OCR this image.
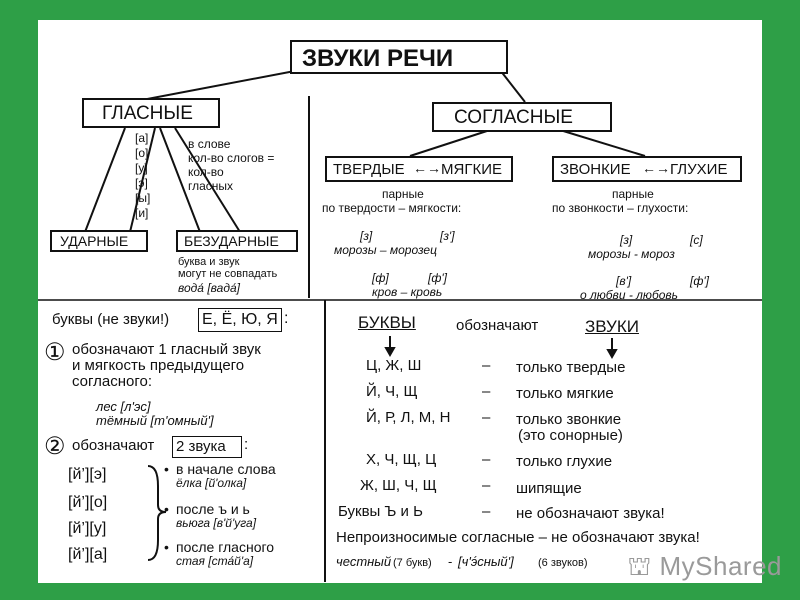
ЗВУКИ РЕЧИ
ГЛАСНЫЕ
[а]
[о]
[у]
[э]
[ы]
[и]
в слове
кол-во слогов =
кол-во
гласных
УДАРНЫЕ	БЕЗУДАРНЫЕ
буква и звук
могут не совпадать
вода́ [вада́]
СОГЛАСНЫЕ
ТВЕРДЫЕ ←→ МЯГКИЕ	ЗВОНКИЕ ←→ ГЛУХИЕ
парные
по твердости – мягкости:
парные
по звонкости – глухости:
[з]	[з']
морозы – морозец
[ф]	[ф']
кров – кровь
[з]	[с]
морозы - мороз
[в']	[ф']
о любви - любовь
буквы (не звуки!) Е, Ё, Ю, Я :
① обозначают 1 гласный звук
и мягкость предыдущего
согласного:
лес [л'эс]
тёмный [т'омный']
② обозначают 2 звука :
[й’][э]
[й’][о]
[й’][у]
[й’][а]
• в начале слова
ёлка [й'олка]
• после ъ и ь
вьюга [в'й'уга]
• после гласного
стая [ста́й'а]
БУКВЫ	обозначают	ЗВУКИ
Ц, Ж, Ш	– только твердые
Й, Ч, Щ	– только мягкие
Й, Р, Л, М, Н – только звонкие
(это сонорные)
Х, Ч, Щ, Ц	– только глухие
Ж, Ш, Ч, Щ	– шипящие
Буквы Ъ и Ь	– не обозначают звука!
Непроизносимые согласные – не обозначают звука!
честный (7 букв) - [ч'э́сный'] (6 звуков) ⛫ MyShared
